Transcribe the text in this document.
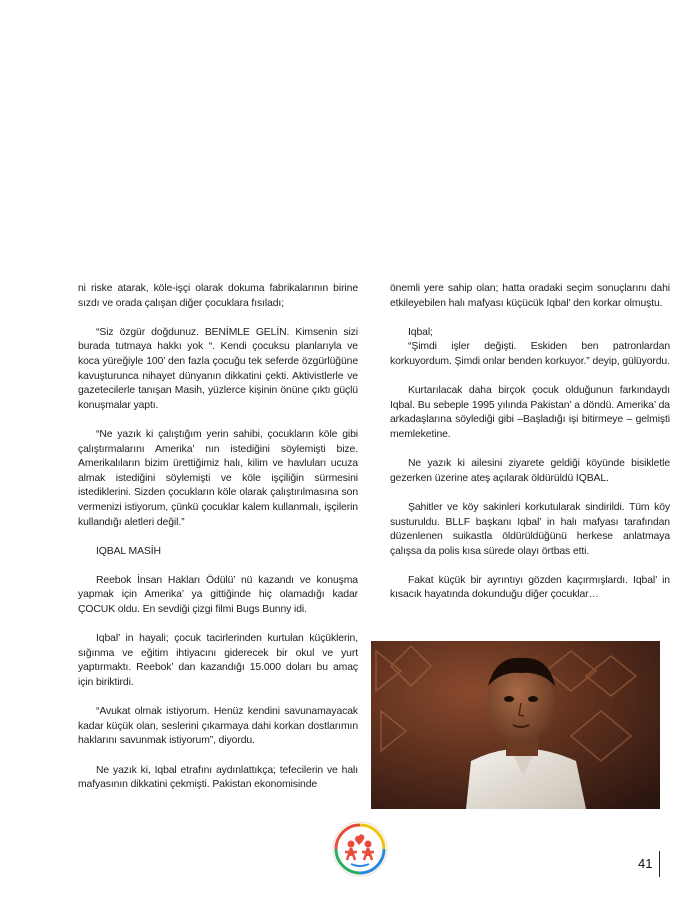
ni riske atarak, köle-işçi olarak dokuma fabrikalarının birine sızdı ve orada çalışan diğer çocuklara fısıladı;

“Siz özgür doğdunuz. BENİMLE GELİN. Kimsenin sizi burada tutmaya hakkı yok “. Kendi çocuksu planlarıyla ve koca yüreğiyle 100’ den fazla çocuğu tek seferde özgürlüğüne kavuşturunca nihayet dünyanın dikkatini çekti. Aktivistlerle ve gazetecilerle tanışan Masih, yüzlerce kişinin önüne çıktı güçlü konuşmalar yaptı.

“Ne yazık ki çalıştığım yerin sahibi, çocukların köle gibi çalıştırmalarını Amerika’ nın istediğini söylemişti bize. Amerikalıların bizim ürettiğimiz halı, kilim ve havluları ucuza almak istediğini söylemişti ve köle işçiliğin sürmesini istediklerini. Sizden çocukların köle olarak çalıştırılmasına son vermenizi istiyorum, çünkü çocuklar kalem kullanmalı, işçilerin kullandığı aletleri değil.”

IQBAL MASİH

Reebok İnsan Hakları Ödülü’ nü kazandı ve konuşma yapmak için Amerika’ ya gittiğinde hiç olamadığı kadar ÇOCUK oldu. En sevdiği çizgi filmi Bugs Bunny idi.

Iqbal’ in hayali; çocuk tacirlerinden kurtulan küçüklerin, sığınma ve eğitim ihtiyacını giderecek bir okul ve yurt yaptırmaktı. Reebok’ dan kazandığı 15.000 doları bu amaç için biriktirdi.

“Avukat olmak istiyorum. Henüz kendini savunamayacak kadar küçük olan, seslerini çıkarmaya dahi korkan dostlarımın haklarını savunmak istiyorum”, diyordu.

Ne yazık ki, Iqbal etrafını aydınlattıkça; tefecilerin ve halı mafyasının dikkatini çekmişti. Pakistan ekonomisinde

önemli yere sahip olan; hatta oradaki seçim sonuçlarını dahi etkileyebilen halı mafyası küçücük Iqbal’ den korkar olmuştu.

Iqbal;

“Şimdi işler değişti. Eskiden ben patronlardan korkuyordum. Şimdi onlar benden korkuyor.” deyip, gülüyordu.

Kurtarılacak daha birçok çocuk olduğunun farkındaydı Iqbal. Bu sebeple 1995 yılında Pakistan’ a döndü. Amerika’ da arkadaşlarına söylediği gibi –Başladığı işi bitirmeye – gelmişti memleketine.

Ne yazık ki ailesini ziyarete geldiği köyünde bisikletle gezerken üzerine ateş açılarak öldürüldü IQBAL.

Şahitler ve köy sakinleri korkutularak sindirildi. Tüm köy susturuldu. BLLF başkanı Iqbal’ in halı mafyası tarafından düzenlenen suikastla öldürüldüğünü herkese anlatmaya çalışsa da polis kısa sürede olayı örtbas etti.

Fakat küçük bir ayrıntıyı gözden kaçırmışlardı. Iqbal’ in kısacık hayatında dokunduğu diğer çocuklar…

41
